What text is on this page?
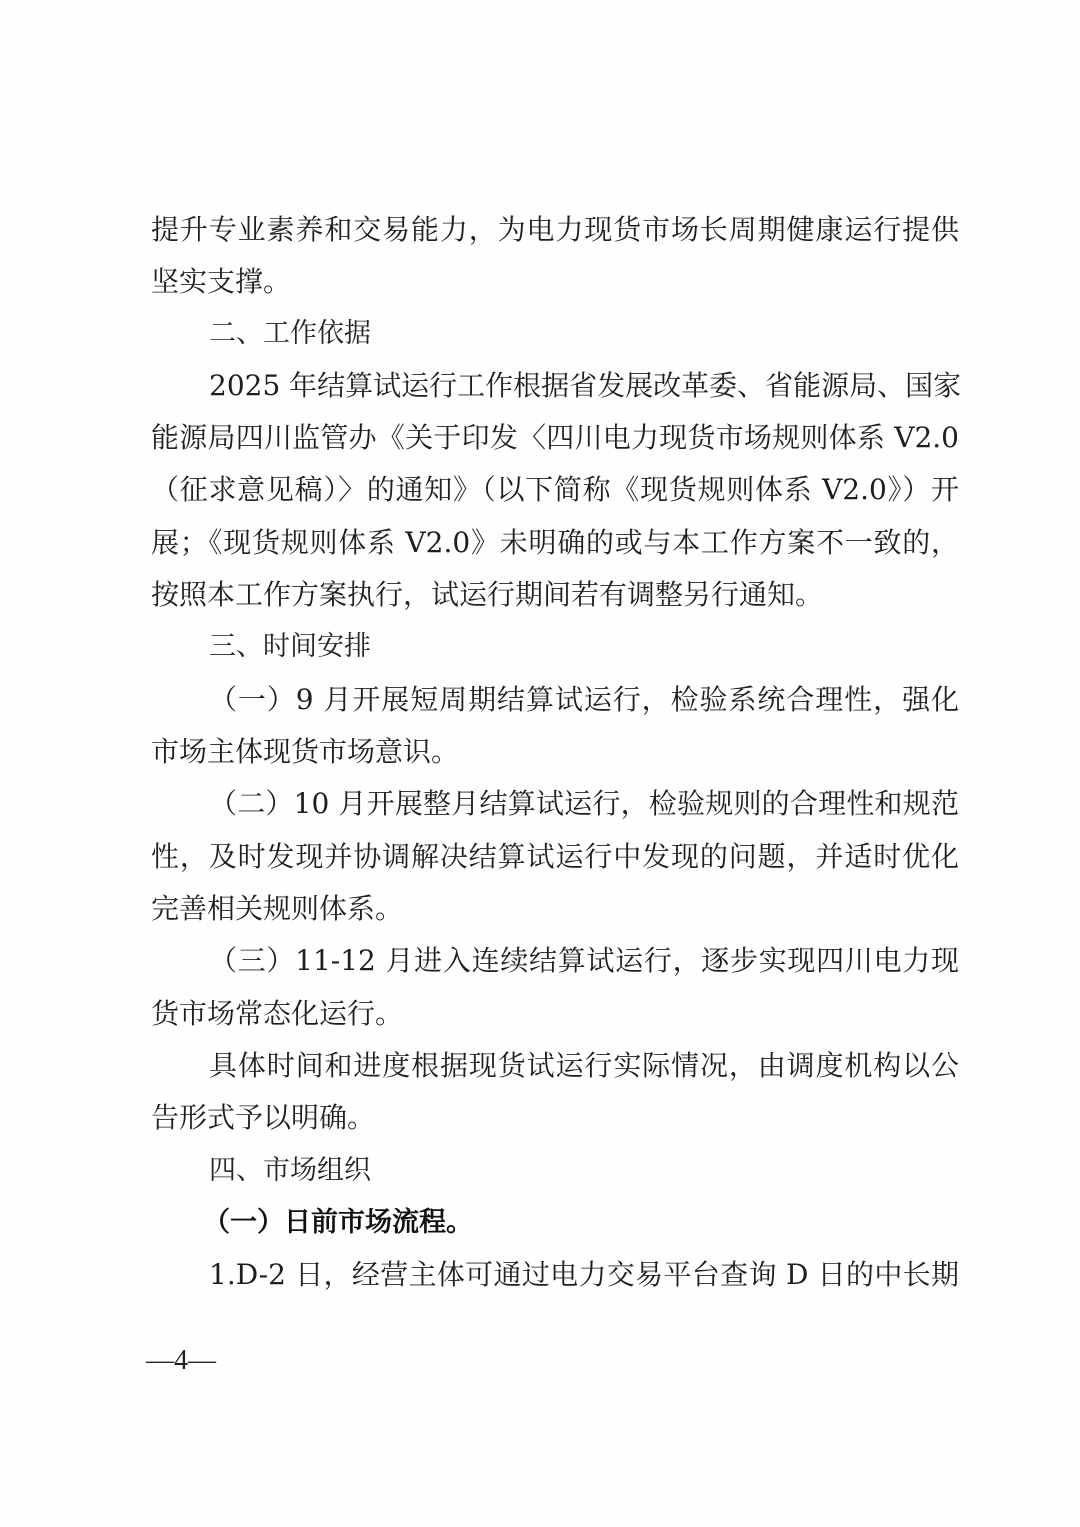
提升专业素养和交易能力，为电力现货市场长周期健康运行提供
坚实支撑。
二、工作依据
2025 年结算试运行工作根据省发展改革委、省能源局、国家
能源局四川监管办《关于印发〈四川电力现货市场规则体系 V2.0
（征求意见稿）〉的通知》（以下简称《现货规则体系 V2.0》）开
展；《现货规则体系 V2.0》未明确的或与本工作方案不一致的，
按照本工作方案执行，试运行期间若有调整另行通知。
三、时间安排
（一）9 月开展短周期结算试运行，检验系统合理性，强化
市场主体现货市场意识。
（二）10 月开展整月结算试运行，检验规则的合理性和规范
性，及时发现并协调解决结算试运行中发现的问题，并适时优化
完善相关规则体系。
（三）11-12 月进入连续结算试运行，逐步实现四川电力现
货市场常态化运行。
具体时间和进度根据现货试运行实际情况，由调度机构以公
告形式予以明确。
四、市场组织
（一）日前市场流程。
1.D-2 日，经营主体可通过电力交易平台查询 D 日的中长期
—4—
